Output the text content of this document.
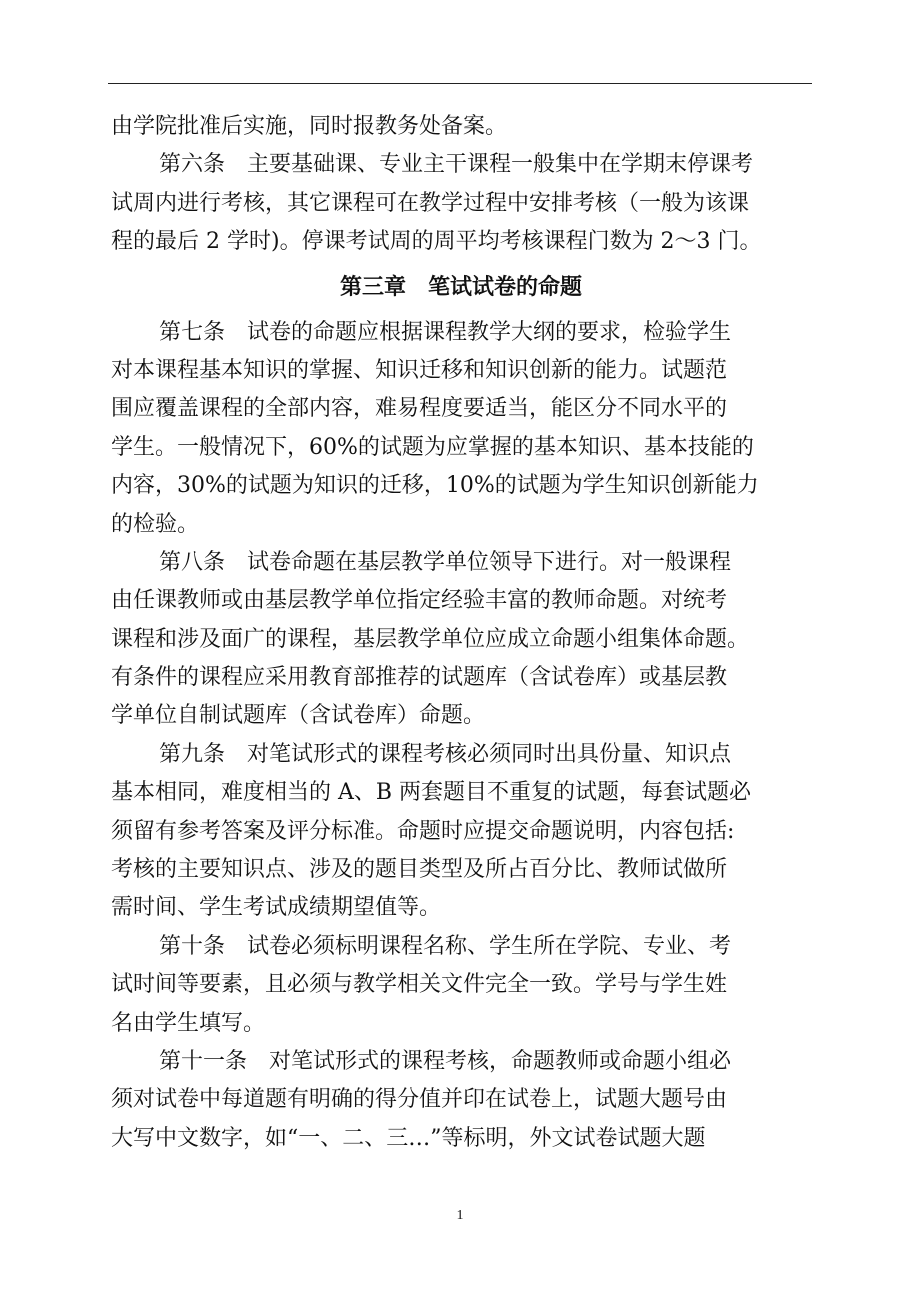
由学院批准后实施，同时报教务处备案。
第六条　主要基础课、专业主干课程一般集中在学期末停课考
试周内进行考核，其它课程可在教学过程中安排考核（一般为该课
程的最后 2 学时)。停课考试周的周平均考核课程门数为 2～3 门。
第三章　笔试试卷的命题
第七条　试卷的命题应根据课程教学大纲的要求，检验学生
对本课程基本知识的掌握、知识迁移和知识创新的能力。试题范
围应覆盖课程的全部内容，难易程度要适当，能区分不同水平的
学生。一般情况下，60%的试题为应掌握的基本知识、基本技能的
内容，30%的试题为知识的迁移，10%的试题为学生知识创新能力
的检验。
第八条　试卷命题在基层教学单位领导下进行。对一般课程
由任课教师或由基层教学单位指定经验丰富的教师命题。对统考
课程和涉及面广的课程，基层教学单位应成立命题小组集体命题。
有条件的课程应采用教育部推荐的试题库（含试卷库）或基层教
学单位自制试题库（含试卷库）命题。
第九条　对笔试形式的课程考核必须同时出具份量、知识点
基本相同，难度相当的 A、B 两套题目不重复的试题，每套试题必
须留有参考答案及评分标准。命题时应提交命题说明，内容包括:
考核的主要知识点、涉及的题目类型及所占百分比、教师试做所
需时间、学生考试成绩期望值等。
第十条　试卷必须标明课程名称、学生所在学院、专业、考
试时间等要素，且必须与教学相关文件完全一致。学号与学生姓
名由学生填写。
第十一条　对笔试形式的课程考核，命题教师或命题小组必
须对试卷中每道题有明确的得分值并印在试卷上，试题大题号由
大写中文数字，如“一、二、三…”等标明，外文试卷试题大题
1
